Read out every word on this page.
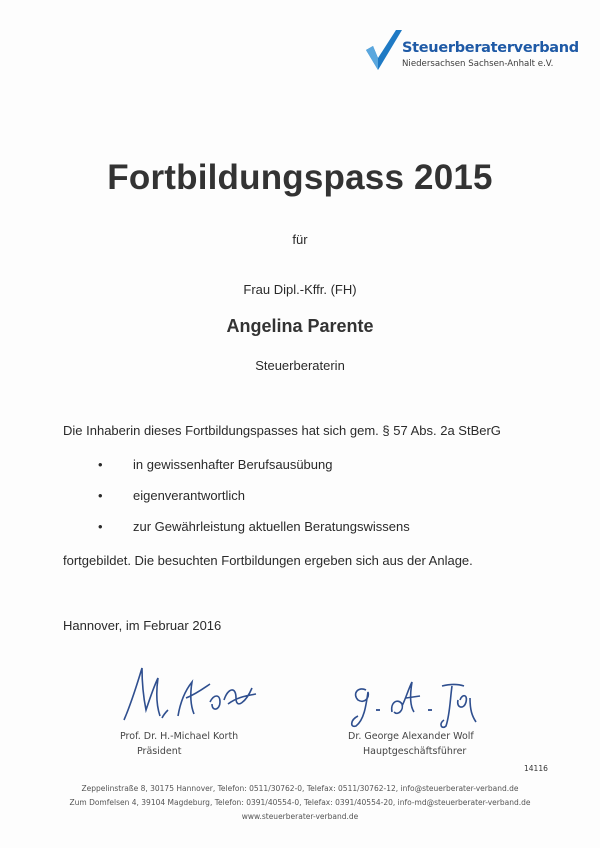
Steuerberaterverband
Niedersachsen Sachsen-Anhalt e.V.
Fortbildungspass 2015
für
Frau Dipl.-Kffr. (FH)
Angelina Parente
Steuerberaterin
Die Inhaberin dieses Fortbildungspasses hat sich gem. § 57 Abs. 2a StBerG
• in gewissenhafter Berufsausübung
• eigenverantwortlich
• zur Gewährleistung aktuellen Beratungswissens
fortgebildet. Die besuchten Fortbildungen ergeben sich aus der Anlage.
Hannover, im Februar 2016
Prof. Dr. H.-Michael Korth
Präsident
Dr. George Alexander Wolf
Hauptgeschäftsführer
14116
Zeppelinstraße 8, 30175 Hannover, Telefon: 0511/30762-0, Telefax: 0511/30762-12, info@steuerberater-verband.de
Zum Domfelsen 4, 39104 Magdeburg, Telefon: 0391/40554-0, Telefax: 0391/40554-20, info-md@steuerberater-verband.de
www.steuerberater-verband.de
